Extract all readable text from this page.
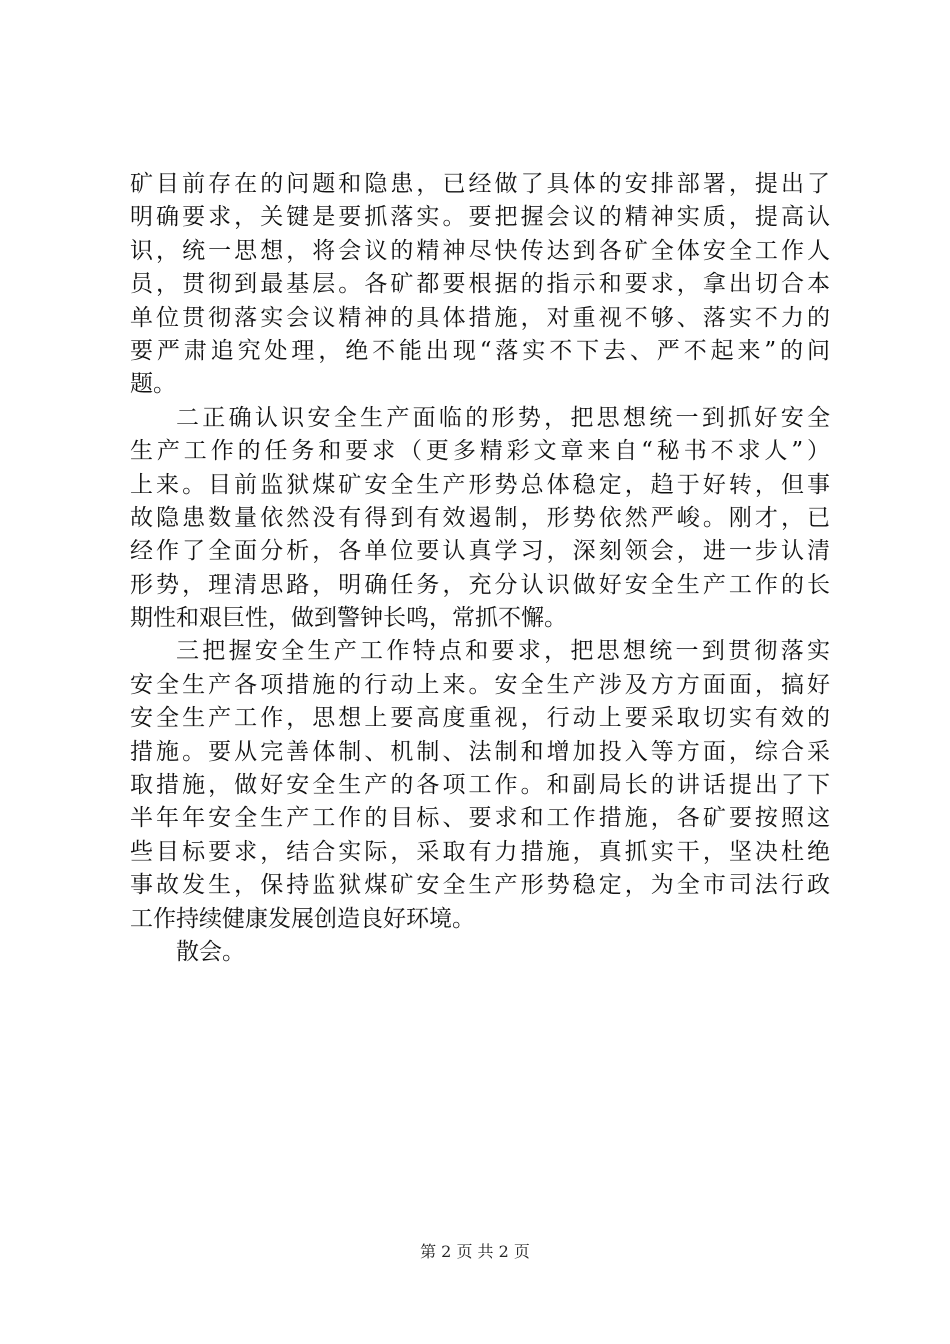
矿目前存在的问题和隐患，已经做了具体的安排部署，提出了
明确要求，关键是要抓落实。要把握会议的精神实质，提高认
识，统一思想，将会议的精神尽快传达到各矿全体安全工作人
员，贯彻到最基层。各矿都要根据的指示和要求，拿出切合本
单位贯彻落实会议精神的具体措施，对重视不够、落实不力的
要严肃追究处理，绝不能出现“落实不下去、严不起来”的问
题。
二正确认识安全生产面临的形势，把思想统一到抓好安全
生产工作的任务和要求（更多精彩文章来自“秘书不求人”）
上来。目前监狱煤矿安全生产形势总体稳定，趋于好转，但事
故隐患数量依然没有得到有效遏制，形势依然严峻。刚才，已
经作了全面分析，各单位要认真学习，深刻领会，进一步认清
形势，理清思路，明确任务，充分认识做好安全生产工作的长
期性和艰巨性，做到警钟长鸣，常抓不懈。
三把握安全生产工作特点和要求，把思想统一到贯彻落实
安全生产各项措施的行动上来。安全生产涉及方方面面，搞好
安全生产工作，思想上要高度重视，行动上要采取切实有效的
措施。要从完善体制、机制、法制和增加投入等方面，综合采
取措施，做好安全生产的各项工作。和副局长的讲话提出了下
半年年安全生产工作的目标、要求和工作措施，各矿要按照这
些目标要求，结合实际，采取有力措施，真抓实干，坚决杜绝
事故发生，保持监狱煤矿安全生产形势稳定，为全市司法行政
工作持续健康发展创造良好环境。
散会。
第 2 页 共 2 页
